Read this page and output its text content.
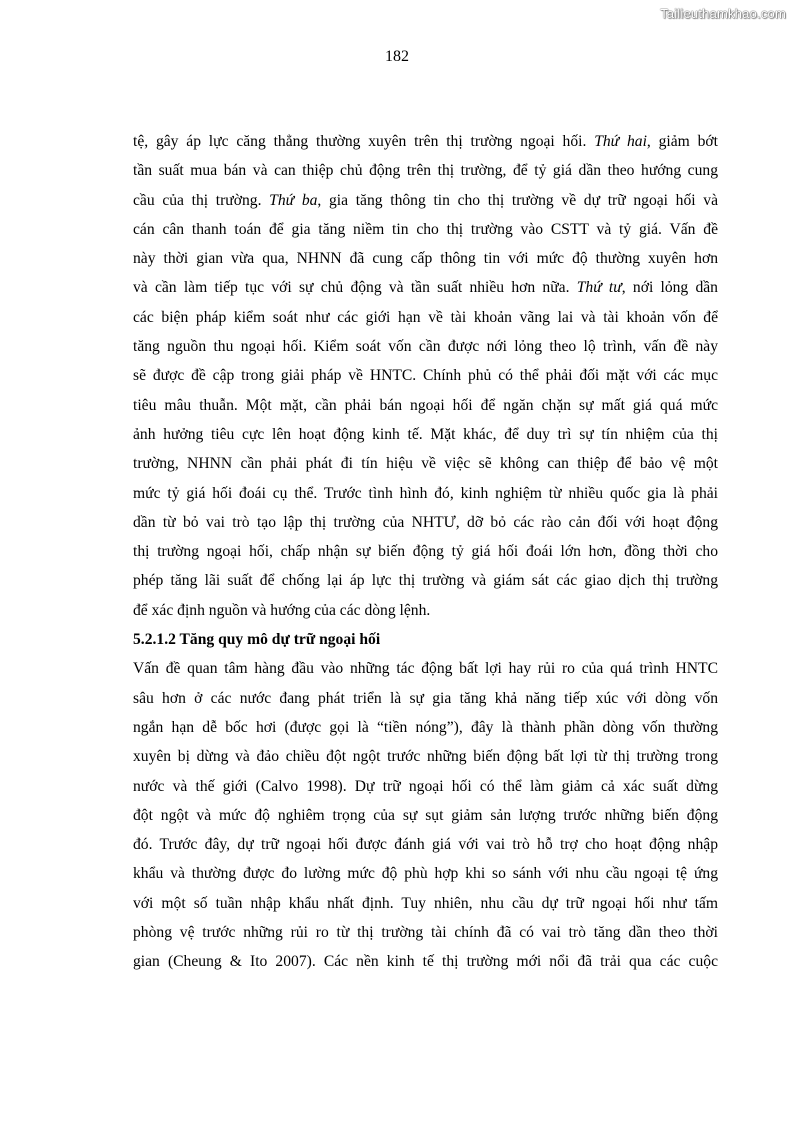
Tailieuthamkhao.com
182
tệ, gây áp lực căng thẳng thường xuyên trên thị trường ngoại hối. Thứ hai, giảm bớt
tần suất mua bán và can thiệp chủ động trên thị trường, để tỷ giá dần theo hướng cung
cầu của thị trường. Thứ ba, gia tăng thông tin cho thị trường về dự trữ ngoại hối và
cán cân thanh toán để gia tăng niềm tin cho thị trường vào CSTT và tỷ giá. Vấn đề
này thời gian vừa qua, NHNN đã cung cấp thông tin với mức độ thường xuyên hơn
và cần làm tiếp tục với sự chủ động và tần suất nhiều hơn nữa. Thứ tư, nới lỏng dần
các biện pháp kiểm soát như các giới hạn về tài khoản vãng lai và tài khoản vốn để
tăng nguồn thu ngoại hối. Kiểm soát vốn cần được nới lỏng theo lộ trình, vấn đề này
sẽ được đề cập trong giải pháp về HNTC. Chính phủ có thể phải đối mặt với các mục
tiêu mâu thuẫn. Một mặt, cần phải bán ngoại hối để ngăn chặn sự mất giá quá mức
ảnh hưởng tiêu cực lên hoạt động kinh tế. Mặt khác, để duy trì sự tín nhiệm của thị
trường, NHNN cần phải phát đi tín hiệu về việc sẽ không can thiệp để bảo vệ một
mức tỷ giá hối đoái cụ thể. Trước tình hình đó, kinh nghiệm từ nhiều quốc gia là phải
dần từ bỏ vai trò tạo lập thị trường của NHTƯ, dỡ bỏ các rào cản đối với hoạt động
thị trường ngoại hối, chấp nhận sự biến động tỷ giá hối đoái lớn hơn, đồng thời cho
phép tăng lãi suất để chống lại áp lực thị trường và giám sát các giao dịch thị trường
để xác định nguồn và hướng của các dòng lệnh.
5.2.1.2 Tăng quy mô dự trữ ngoại hối
Vấn đề quan tâm hàng đầu vào những tác động bất lợi hay rủi ro của quá trình HNTC
sâu hơn ở các nước đang phát triển là sự gia tăng khả năng tiếp xúc với dòng vốn
ngắn hạn dễ bốc hơi (được gọi là “tiền nóng”), đây là thành phần dòng vốn thường
xuyên bị dừng và đảo chiều đột ngột trước những biến động bất lợi từ thị trường trong
nước và thế giới (Calvo 1998). Dự trữ ngoại hối có thể làm giảm cả xác suất dừng
đột ngột và mức độ nghiêm trọng của sự sụt giảm sản lượng trước những biến động
đó. Trước đây, dự trữ ngoại hối được đánh giá với vai trò hỗ trợ cho hoạt động nhập
khẩu và thường được đo lường mức độ phù hợp khi so sánh với nhu cầu ngoại tệ ứng
với một số tuần nhập khẩu nhất định. Tuy nhiên, nhu cầu dự trữ ngoại hối như tấm
phòng vệ trước những rủi ro từ thị trường tài chính đã có vai trò tăng dần theo thời
gian (Cheung & Ito 2007). Các nền kinh tế thị trường mới nổi đã trải qua các cuộc
